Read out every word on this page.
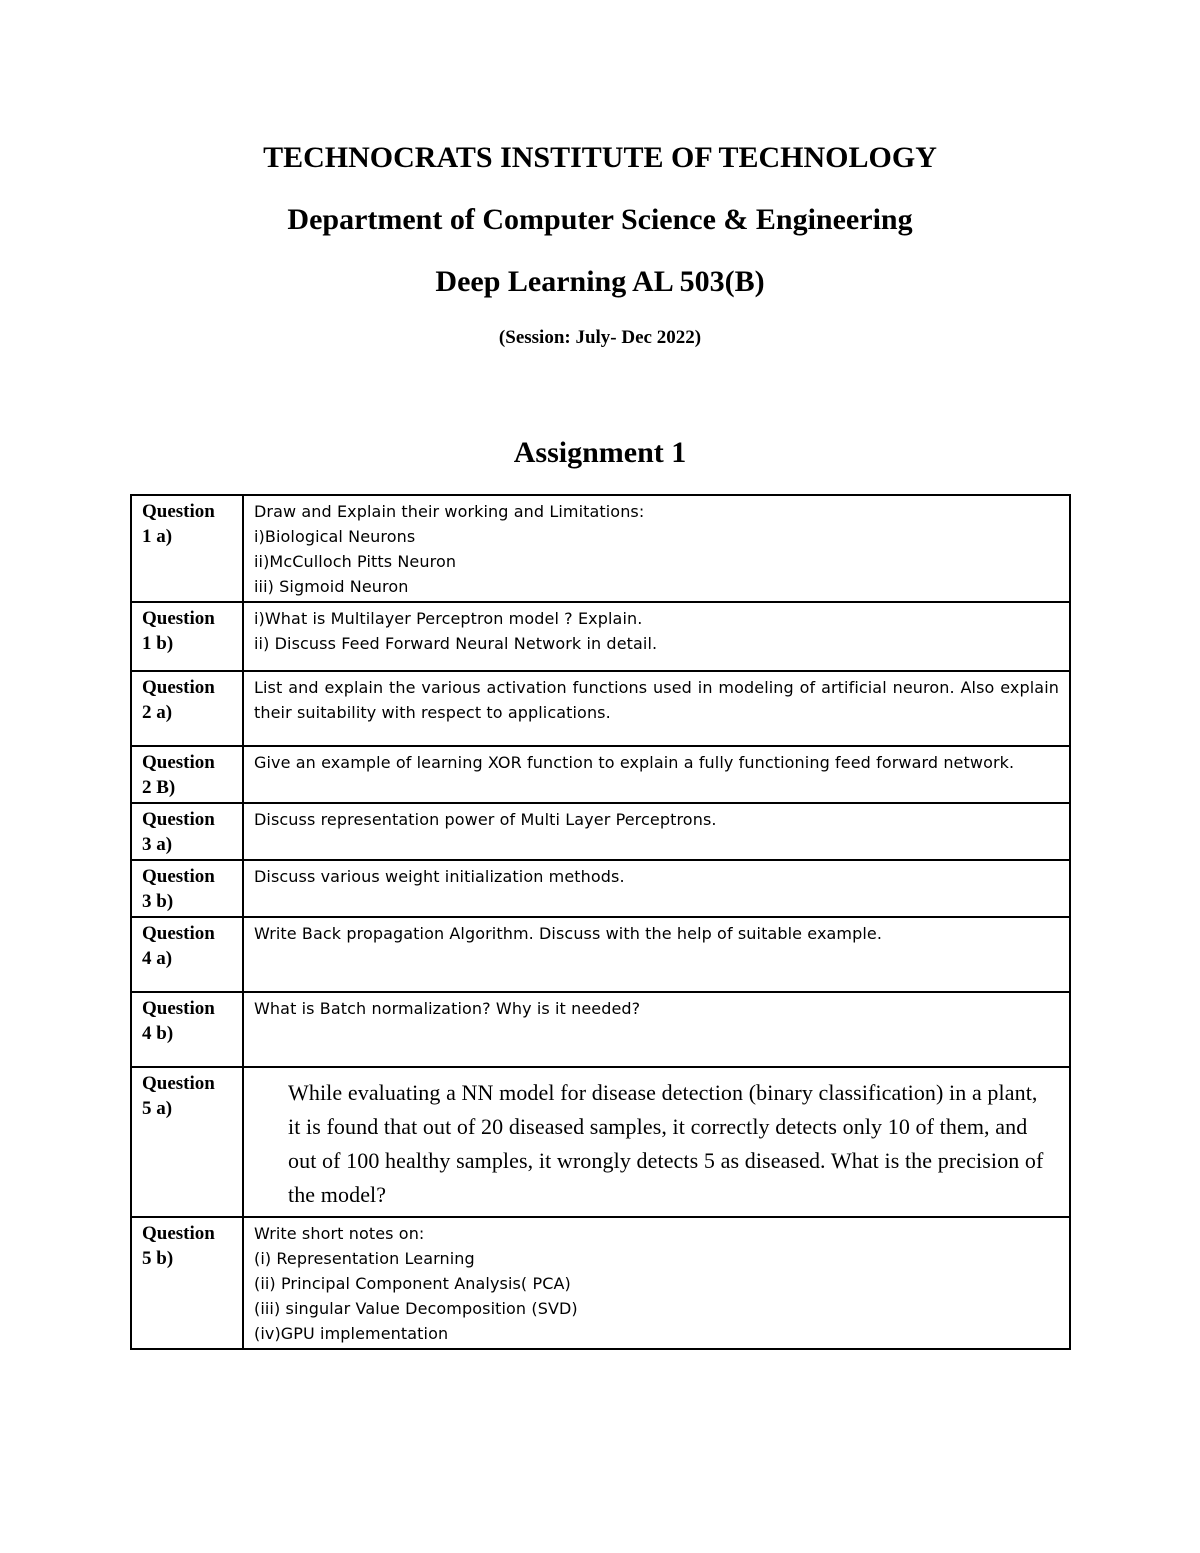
TECHNOCRATS INSTITUTE OF TECHNOLOGY
Department of Computer Science & Engineering
Deep Learning AL 503(B)
(Session: July- Dec 2022)
Assignment 1
Question
1 a)	Draw and Explain their working and Limitations:
i)Biological Neurons
ii)McCulloch Pitts Neuron
iii) Sigmoid Neuron

Question
1 b)	i)What is Multilayer Perceptron model ? Explain.
ii) Discuss Feed Forward Neural Network in detail.

Question
2 a)	List and explain the various activation functions used in modeling of artificial neuron. Also explain their suitability with respect to applications.

Question
2 B)	Give an example of learning XOR function to explain a fully functioning feed forward network.

Question
3 a)	Discuss representation power of Multi Layer Perceptrons.

Question
3 b)	Discuss various weight initialization methods.

Question
4 a)	Write Back propagation Algorithm. Discuss with the help of suitable example.

Question
4 b)	What is Batch normalization? Why is it needed?

Question
5 a)	While evaluating a NN model for disease detection (binary classification) in a plant, it is found that out of 20 diseased samples, it correctly detects only 10 of them, and out of 100 healthy samples, it wrongly detects 5 as diseased. What is the precision of the model?

Question
5 b)	Write short notes on:
(i) Representation Learning
(ii) Principal Component Analysis( PCA)
(iii) singular Value Decomposition (SVD)
(iv)GPU implementation
